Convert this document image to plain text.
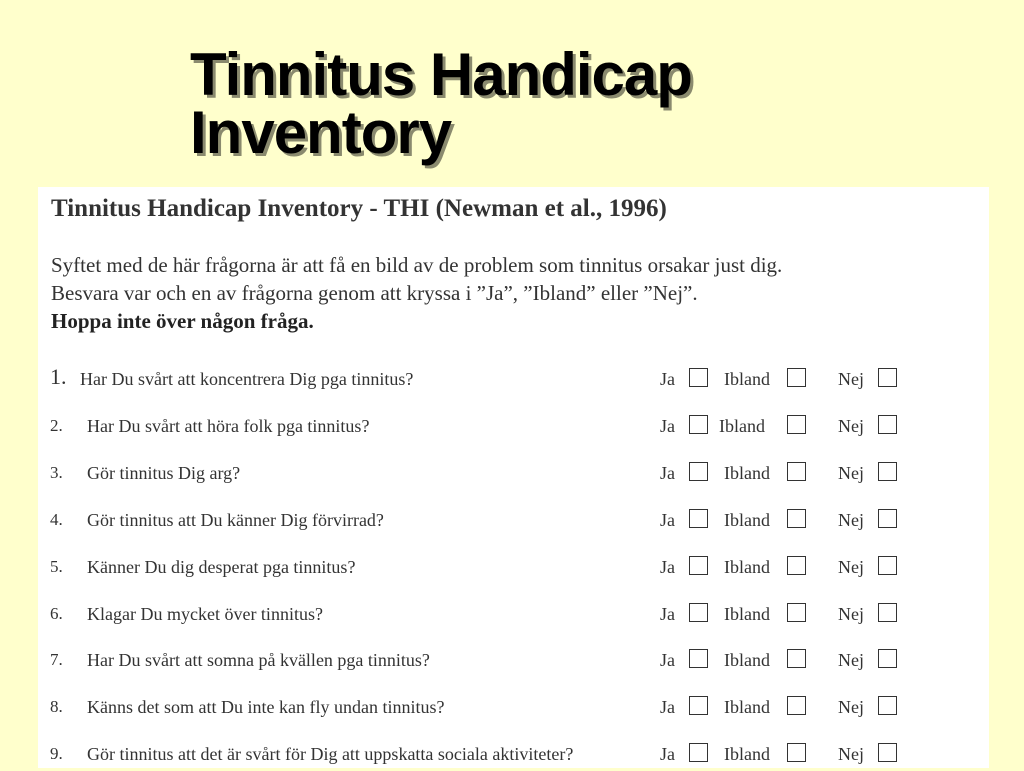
Tinnitus Handicap
Inventory
Tinnitus Handicap Inventory - THI (Newman et al., 1996)
Syftet med de här frågorna är att få en bild av de problem som tinnitus orsakar just dig.
Besvara var och en av frågorna genom att kryssa i ”Ja”, ”Ibland” eller ”Nej”.
Hoppa inte över någon fråga.
1. Har Du svårt att koncentrera Dig pga tinnitus?	Ja	Ibland	Nej
2. Har Du svårt att höra folk pga tinnitus?	Ja Ibland	Nej
3. Gör tinnitus Dig arg?	Ja	Ibland	Nej
4. Gör tinnitus att Du känner Dig förvirrad?	Ja	Ibland	Nej
5. Känner Du dig desperat pga tinnitus?	Ja	Ibland	Nej
6. Klagar Du mycket över tinnitus?	Ja	Ibland	Nej
7. Har Du svårt att somna på kvällen pga tinnitus?	Ja	Ibland	Nej
8. Känns det som att Du inte kan fly undan tinnitus?	Ja	Ibland	Nej
9. Gör tinnitus att det är svårt för Dig att uppskatta sociala aktiviteter?	Ja	Ibland	Nej
